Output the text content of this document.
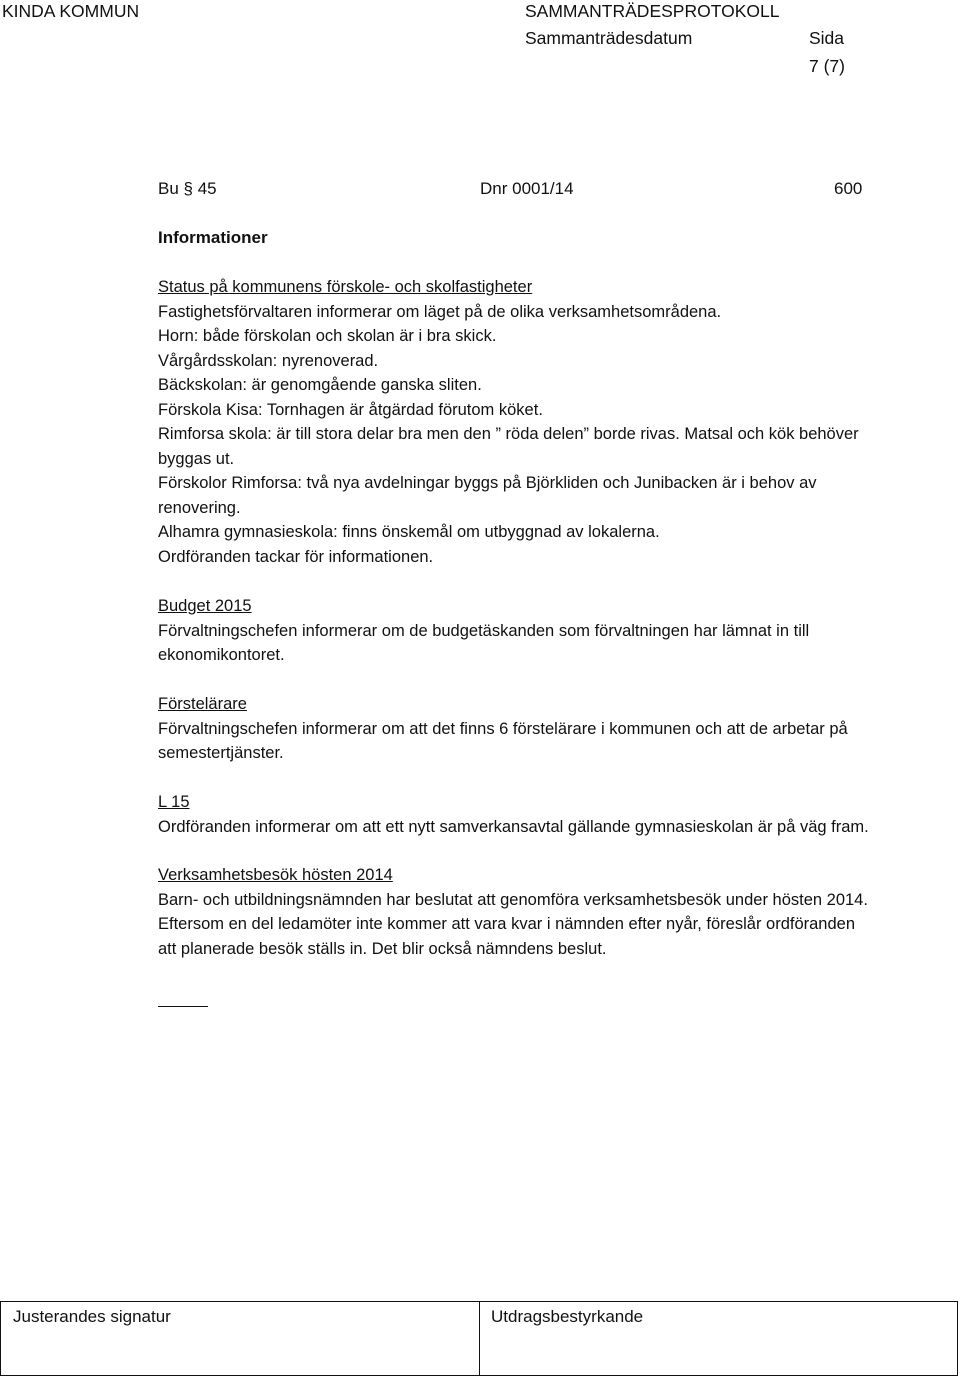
KINDA KOMMUN	SAMMANTRÄDESPROTOKOLL
Sammanträdesdatum	Sida
7 (7)
Bu § 45	Dnr 0001/14	600
Informationer
Status på kommunens förskole- och skolfastigheter
Fastighetsförvaltaren informerar om läget på de olika verksamhetsområdena.
Horn: både förskolan och skolan är i bra skick.
Vårgårdsskolan: nyrenoverad.
Bäckskolan: är genomgående ganska sliten.
Förskola Kisa: Tornhagen är åtgärdad förutom köket.
Rimforsa skola: är till stora delar bra men den ” röda delen” borde rivas. Matsal och kök behöver
byggas ut.
Förskolor Rimforsa: två nya avdelningar byggs på Björkliden och Junibacken är i behov av
renovering.
Alhamra gymnasieskola: finns önskemål om utbyggnad av lokalerna.
Ordföranden tackar för informationen.
Budget 2015
Förvaltningschefen informerar om de budgetäskanden som förvaltningen har lämnat in till
ekonomikontoret.
Förstelärare
Förvaltningschefen informerar om att det finns 6 förstelärare i kommunen och att de arbetar på
semestertjänster.
L 15
Ordföranden informerar om att ett nytt samverkansavtal gällande gymnasieskolan är på väg fram.
Verksamhetsbesök hösten 2014
Barn- och utbildningsnämnden har beslutat att genomföra verksamhetsbesök under hösten 2014.
Eftersom en del ledamöter inte kommer att vara kvar i nämnden efter nyår, föreslår ordföranden
att planerade besök ställs in. Det blir också nämndens beslut.
Justerandes signatur	Utdragsbestyrkande
